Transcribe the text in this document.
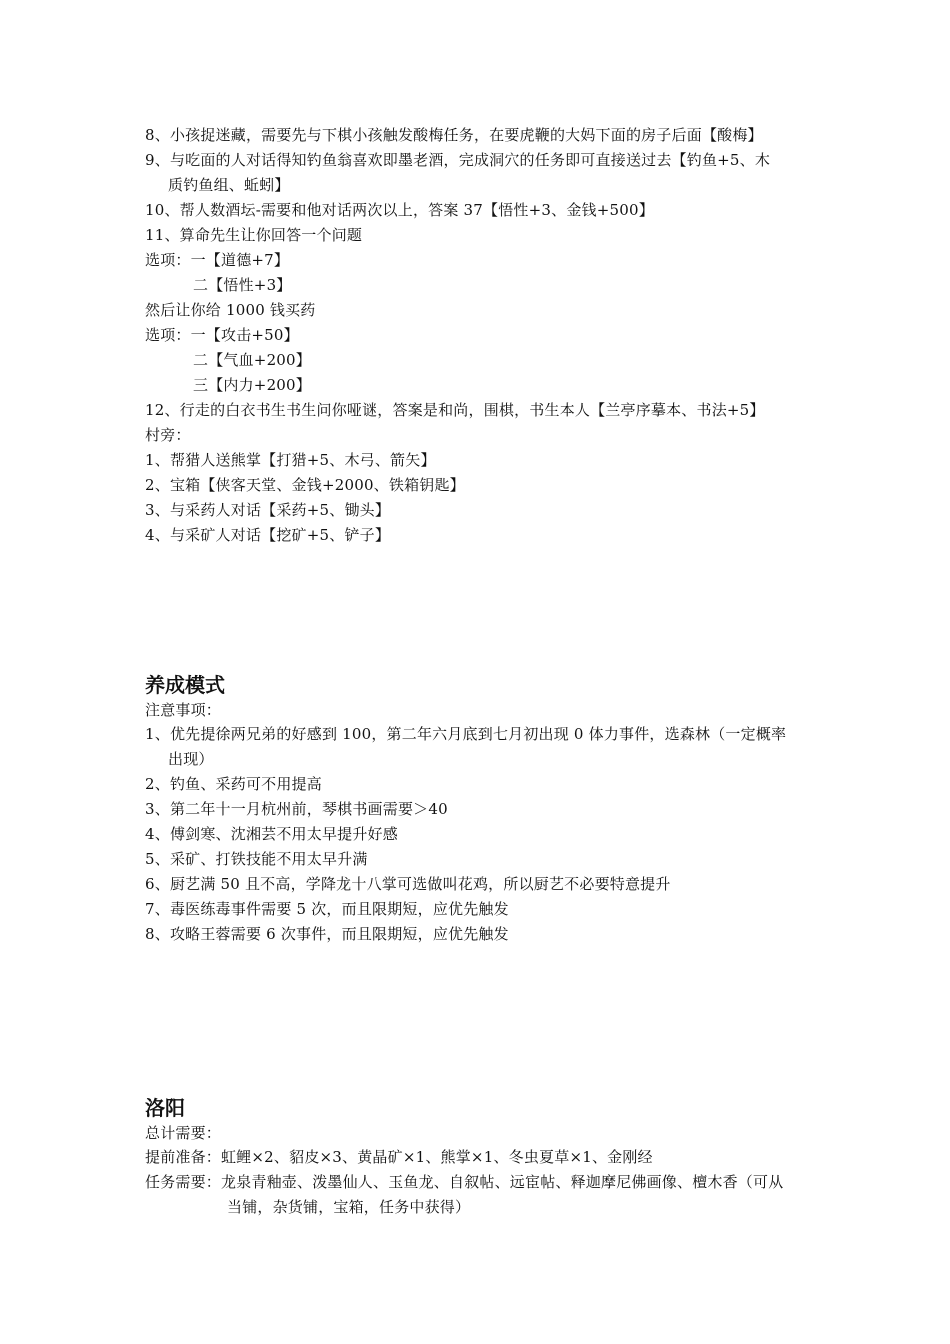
8、小孩捉迷藏，需要先与下棋小孩触发酸梅任务，在要虎鞭的大妈下面的房子后面【酸梅】
9、与吃面的人对话得知钓鱼翁喜欢即墨老酒，完成洞穴的任务即可直接送过去【钓鱼+5、木
质钓鱼组、蚯蚓】
10、帮人数酒坛-需要和他对话两次以上，答案 37【悟性+3、金钱+500】
11、算命先生让你回答一个问题
选项：一【道德+7】
二【悟性+3】
然后让你给 1000 钱买药
选项：一【攻击+50】
二【气血+200】
三【内力+200】
12、行走的白衣书生书生问你哑谜，答案是和尚，围棋，书生本人【兰亭序摹本、书法+5】
村旁：
1、帮猎人送熊掌【打猎+5、木弓、箭矢】
2、宝箱【侠客天堂、金钱+2000、铁箱钥匙】
3、与采药人对话【采药+5、锄头】
4、与采矿人对话【挖矿+5、铲子】
养成模式
注意事项：
1、优先提徐两兄弟的好感到 100，第二年六月底到七月初出现 0 体力事件，选森林（一定概率
出现）
2、钓鱼、采药可不用提高
3、第二年十一月杭州前，琴棋书画需要＞40
4、傅剑寒、沈湘芸不用太早提升好感
5、采矿、打铁技能不用太早升满
6、厨艺满 50 且不高，学降龙十八掌可选做叫花鸡，所以厨艺不必要特意提升
7、毒医练毒事件需要 5 次，而且限期短，应优先触发
8、攻略王蓉需要 6 次事件，而且限期短，应优先触发
洛阳
总计需要：
提前准备：虹鲤×2、貂皮×3、黄晶矿×1、熊掌×1、冬虫夏草×1、金刚经
任务需要：龙泉青釉壶、泼墨仙人、玉鱼龙、自叙帖、远宦帖、释迦摩尼佛画像、檀木香（可从
当铺，杂货铺，宝箱，任务中获得）
